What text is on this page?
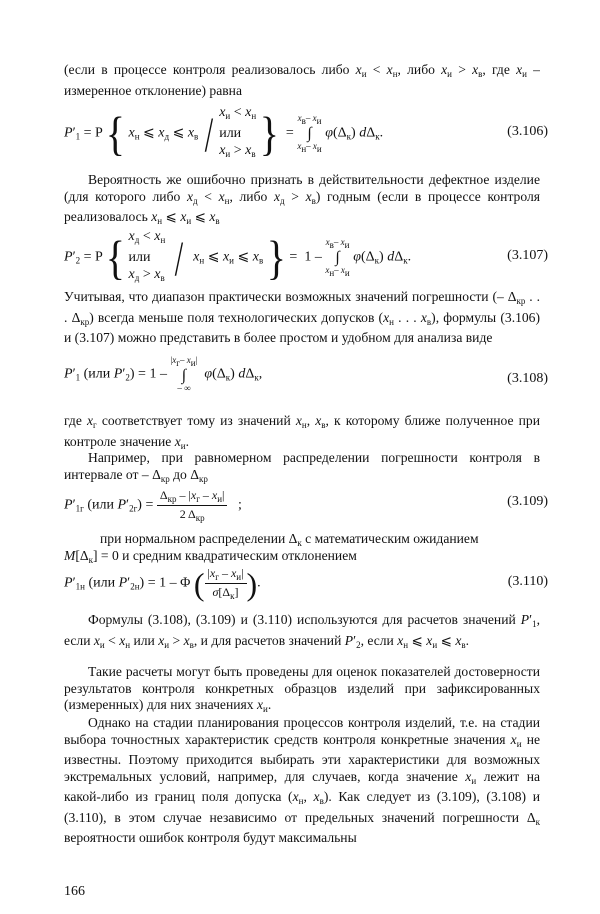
(если в процессе контроля реализовалось либо $x_и < x_н$, либо $x_и > x_в$, где $x_и$ – измеренное отклонение) равна

$P'_1 = P$ { $x_н$ ⩽ $x_д$ ⩽ $x_в / x_и < x_н$
или
$x_и > x_в$ }  =
$x_в-$ $x_и$
∫
$x_н-$ $x_и$
$\varphi(\Delta_к)$ $d\Delta_к$.	(3.106)

Вероятность же ошибочно признать в действительности дефектное изделие (для которого либо $x_д < x_н$, либо $x_д > x_в$) годным (если в процессе контроля реализовалось $x_н$ ⩽ $x_и$ ⩽ $x_в$

$P'_2 = P$ { $x_д < x_н$
или
$x_д > x_в / x_н$ ⩽ $x_и$ ⩽ $x_в$ } =  1 –
$x_в-$ $x_и$
∫
$x_н-$ $x_и$
$\varphi(\Delta_к)$ $d\Delta_к$.	(3.107)

Учитывая, что диапазон практически возможных значений погрешности (– $\Delta_{кр}$ . . . $\Delta_{кр}$) всегда меньше поля технологических допусков ($x_н$ . . . $x_в$), формулы (3.106) и (3.107) можно представить в более простом и удобном для анализа виде

$P'_1$ (или $P'_2) = 1$ –
$|x_г-$ $x_и|$
∫
– ∞
$\varphi(\Delta_к)$ $d\Delta_к$,	(3.108)

где $x_г$ соответствует тому из значений $x_н$, $x_в$, к которому ближе полученное при контроле значение $x_и$.

Например, при равномерном распределении погрешности контроля в интервале от – $\Delta_{кр}$ до $\Delta_{кр}$

$P'_{1г}$ (или $P'_{2г}) = \frac{\Delta_{кр} - |x_г - x_и|}{2 \Delta_{кр}}$ ;	(3.109)

при нормальном распределении $\Delta_к$ с математическим ожиданием

$M[\Delta_к] = 0$ и средним квадратическим отклонением

$P'_{1н}$ (или $P'_{2н}) = 1 - \Phi$ ( $\frac{|x_г - x_и|}{\sigma[\Delta_к]}$ ).	(3.110)

Формулы (3.108), (3.109) и (3.110) используются для расчетов значений $P'_1$, если $x_и < x_н$ или $x_и > x_в$, и для расчетов значений $P'_2$, если $x_н$ ⩽ $x_и$ ⩽ $x_в$.

Такие расчеты могут быть проведены для оценок показателей достоверности результатов контроля конкретных образцов изделий при зафиксированных (измеренных) для них значениях $x_и$.

Однако на стадии планирования процессов контроля изделий, т.е. на стадии выбора точностных характеристик средств контроля конкретные значения $x_и$ не известны. Поэтому приходится выбирать эти характеристики для возможных экстремальных условий, например, для случаев, когда значение $x_и$ лежит на какой-либо из границ поля допуска ($x_н$, $x_в$). Как следует из (3.109), (3.108) и (3.110), в этом случае независимо от предельных значений погрешности $\Delta_к$ вероятности ошибок контроля будут максимальны

166
